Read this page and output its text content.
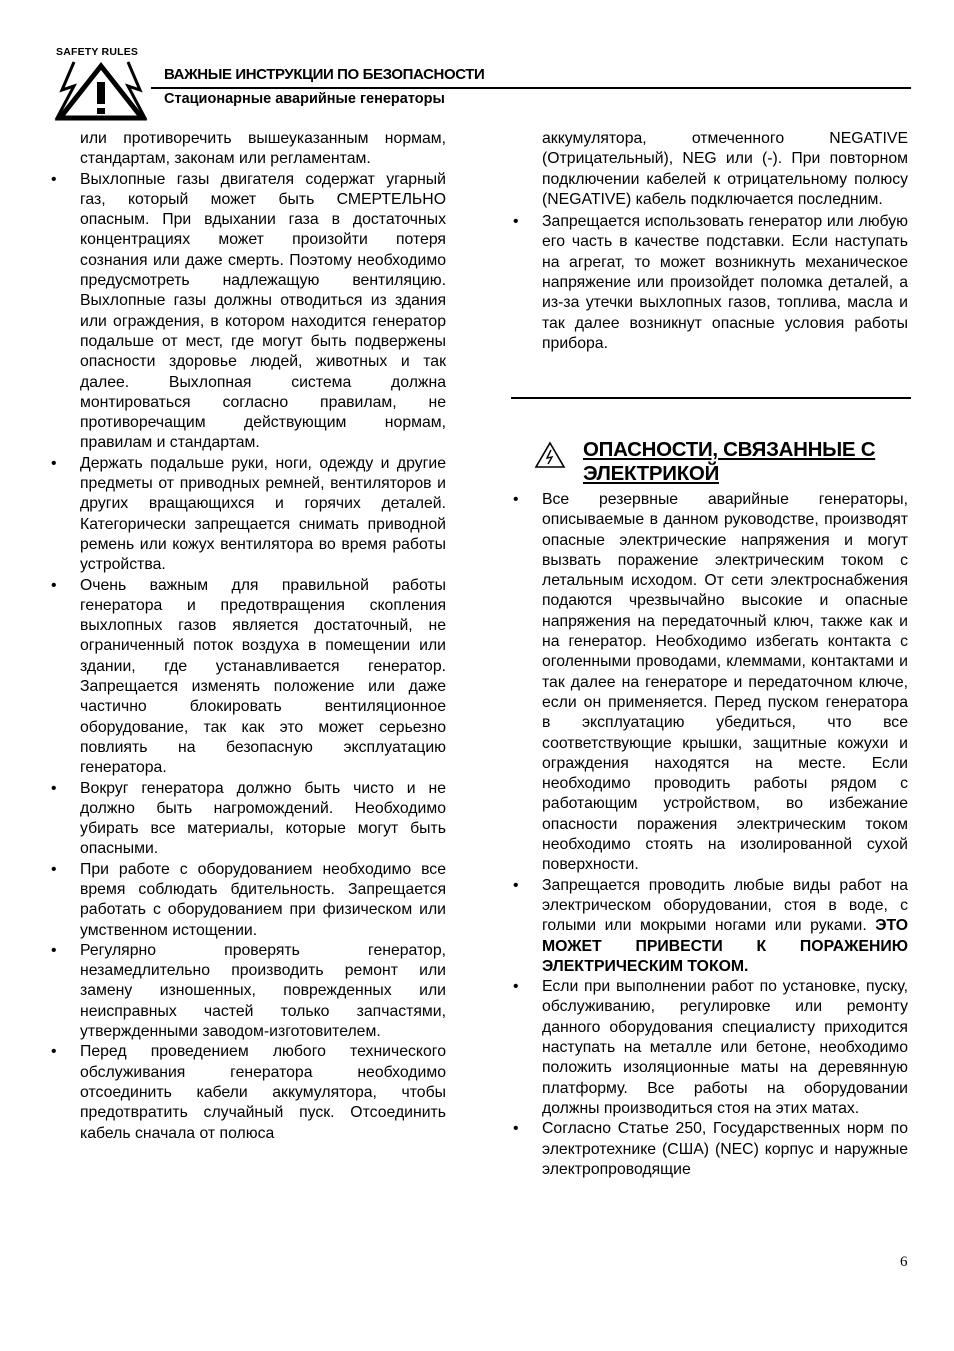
SAFETY RULES
ВАЖНЫЕ ИНСТРУКЦИИ ПО БЕЗОПАСНОСТИ
Стационарные аварийные генераторы

или противоречить вышеуказанным нормам, стандартам, законам или регламентам.

• Выхлопные газы двигателя содержат угарный газ, который может быть СМЕРТЕЛЬНО опасным. При вдыхании газа в достаточных концентрациях может произойти потеря сознания или даже смерть. Поэтому необходимо предусмотреть надлежащую вентиляцию. Выхлопные газы должны отводиться из здания или ограждения, в котором находится генератор подальше от мест, где могут быть подвержены опасности здоровье людей, животных и так далее. Выхлопная система должна монтироваться согласно правилам, не противоречащим действующим нормам, правилам и стандартам.
• Держать подальше руки, ноги, одежду и другие предметы от приводных ремней, вентиляторов и других вращающихся и горячих деталей. Категорически запрещается снимать приводной ремень или кожух вентилятора во время работы устройства.
• Очень важным для правильной работы генератора и предотвращения скопления выхлопных газов является достаточный, не ограниченный поток воздуха в помещении или здании, где устанавливается генератор. Запрещается изменять положение или даже частично блокировать вентиляционное оборудование, так как это может серьезно повлиять на безопасную эксплуатацию генератора.
• Вокруг генератора должно быть чисто и не должно быть нагромождений. Необходимо убирать все материалы, которые могут быть опасными.
• При работе с оборудованием необходимо все время соблюдать бдительность. Запрещается работать с оборудованием при физическом или умственном истощении.
• Регулярно проверять генератор, незамедлительно производить ремонт или замену изношенных, поврежденных или неисправных частей только запчастями, утвержденными заводом-изготовителем.
• Перед проведением любого технического обслуживания генератора необходимо отсоединить кабели аккумулятора, чтобы предотвратить случайный пуск. Отсоединить кабель сначала от полюса

аккумулятора, отмеченного NEGATIVE (Отрицательный), NEG или (-). При повторном подключении кабелей к отрицательному полюсу (NEGATIVE) кабель подключается последним.

• Запрещается использовать генератор или любую его часть в качестве подставки. Если наступать на агрегат, то может возникнуть механическое напряжение или произойдет поломка деталей, а из-за утечки выхлопных газов, топлива, масла и так далее возникнут опасные условия работы прибора.
ОПАСНОСТИ, СВЯЗАННЫЕ С ЭЛЕКТРИКОЙ
• Все резервные аварийные генераторы, описываемые в данном руководстве, производят опасные электрические напряжения и могут вызвать поражение электрическим током с летальным исходом. От сети электроснабжения подаются чрезвычайно высокие и опасные напряжения на передаточный ключ, также как и на генератор. Необходимо избегать контакта с оголенными проводами, клеммами, контактами и так далее на генераторе и передаточном ключе, если он применяется. Перед пуском генератора в эксплуатацию убедиться, что все соответствующие крышки, защитные кожухи и ограждения находятся на месте. Если необходимо проводить работы рядом с работающим устройством, во избежание опасности поражения электрическим током необходимо стоять на изолированной сухой поверхности.
• Запрещается проводить любые виды работ на электрическом оборудовании, стоя в воде, с голыми или мокрыми ногами или руками. ЭТО МОЖЕТ ПРИВЕСТИ К ПОРАЖЕНИЮ ЭЛЕКТРИЧЕСКИМ ТОКОМ.
• Если при выполнении работ по установке, пуску, обслуживанию, регулировке или ремонту данного оборудования специалисту приходится наступать на металле или бетоне, необходимо положить изоляционные маты на деревянную платформу. Все работы на оборудовании должны производиться стоя на этих матах.
• Согласно Статье 250, Государственных норм по электротехнике (США) (NEC) корпус и наружные электропроводящие
6
